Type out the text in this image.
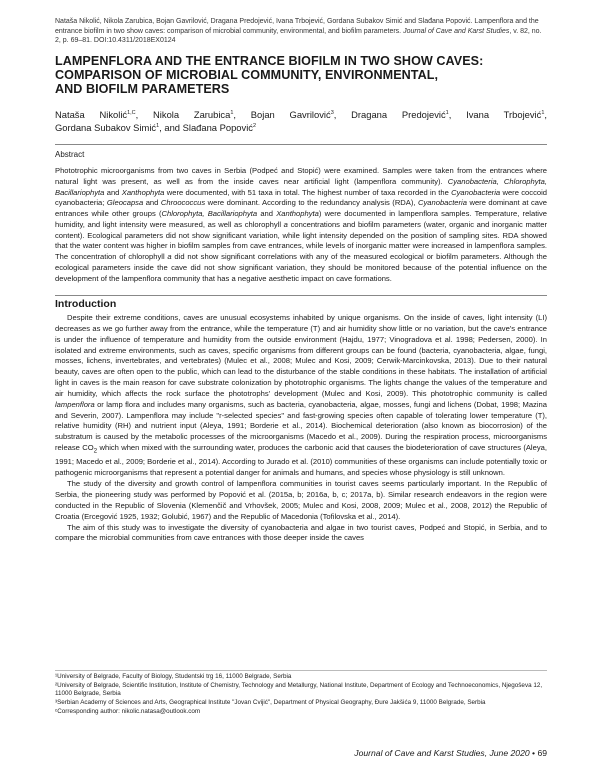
Nataša Nikolić, Nikola Zarubica, Bojan Gavrilović, Dragana Predojević, Ivana Trbojević, Gordana Subakov Simić and Slađana Popović. Lampenflora and the entrance biofilm in two show caves: comparison of microbial community, environmental, and biofilm parameters. Journal of Cave and Karst Studies, v. 82, no. 2, p. 69–81. DOI:10.4311/2018EX0124
LAMPENFLORA AND THE ENTRANCE BIOFILM IN TWO SHOW CAVES:
COMPARISON OF MICROBIAL COMMUNITY, ENVIRONMENTAL,
AND BIOFILM PARAMETERS
Nataša Nikolić$^{1,C}$, Nikola Zarubica$^1$, Bojan Gavrilović$^3$, Dragana Predojević$^1$, Ivana Trbojević$^1$,
Gordana Subakov Simić$^1$, and Slađana Popović$^2$
Abstract
Phototrophic microorganisms from two caves in Serbia (Podpeć and Stopić) were examined. Samples were taken from the entrances where natural light was present, as well as from the inside caves near artificial light (lampenflora community). Cyanobacteria, Chlorophyta, Bacillariophyta and Xanthophyta were documented, with 51 taxa in total. The highest number of taxa recorded in the Cyanobacteria were coccoid cyanobacteria; Gleocapsa and Chroococcus were dominant. According to the redundancy analysis (RDA), Cyanobacteria were dominant at cave entrances while other groups (Chlorophyta, Bacillariophyta and Xanthophyta) were documented in lampenflora samples. Temperature, relative humidity, and light intensity were measured, as well as chlorophyll a concentrations and biofilm parameters (water, organic and inorganic matter content). Ecological parameters did not show significant variation, while light intensity depended on the position of sampling sites. RDA showed that the water content was higher in biofilm samples from cave entrances, while levels of inorganic matter were increased in lampenflora samples. The concentration of chlorophyll a did not show significant correlations with any of the measured ecological or biofilm parameters. Although the ecological parameters inside the cave did not show significant variation, they should be monitored because of the potential influence on the development of the lampenflora community that has a negative aesthetic impact on cave formations.
Introduction

Despite their extreme conditions, caves are unusual ecosystems inhabited by unique organisms. On the inside of caves, light intensity (LI) decreases as we go further away from the entrance, while the temperature (T) and air humidity show little or no variation, but the cave's entrance is under the influence of temperature and humidity from the outside environment (Hajdu, 1977; Vinogradova et al. 1998; Pedersen, 2000). In isolated and extreme environments, such as caves, specific organisms from different groups can be found (bacteria, cyanobacteria, algae, fungi, mosses, lichens, invertebrates, and vertebrates) (Mulec et al., 2008; Mulec and Kosi, 2009; Cerwik-Marcinkovska, 2013). Due to their natural beauty, caves are often open to the public, which can lead to the disturbance of the stable conditions in these habitats. The installation of artificial light in caves is the main reason for cave substrate colonization by phototrophic organisms. The lights change the values of the temperature and air humidity, which affects the rock surface the phototrophs' development (Mulec and Kosi, 2009). This phototrophic community is called lampenflora or lamp flora and includes many organisms, such as bacteria, cyanobacteria, algae, mosses, fungi and lichens (Dobat, 1998; Mazina and Severin, 2007). Lampenflora may include "r-selected species" and fast-growing species often capable of tolerating lower temperature (T), relative humidity (RH) and nutrient input (Aleya, 1991; Borderie et al., 2014). Biochemical deterioration (also known as biocorrosion) of the substratum is caused by the metabolic processes of the microorganisms (Macedo et al., 2009). During the respiration process, microorganisms release $CO_2$ which when mixed with the surrounding water, produces the carbonic acid that causes the biodeterioration of cave structures (Aleya, 1991; Macedo et al., 2009; Borderie et al., 2014). According to Jurado et al. (2010) communities of these organisms can include potentially toxic or pathogenic microorganisms that represent a potential danger for animals and humans, and species whose physiology is still unknown.

The study of the diversity and growth control of lampenflora communities in tourist caves seems particularly important. In the Republic of Serbia, the pioneering study was performed by Popović et al. (2015a, b; 2016a, b, c; 2017a, b). Similar research endeavors in the region were conducted in the Republic of Slovenia (Klemenčič and Vrhovšek, 2005; Mulec and Kosi, 2008, 2009; Mulec et al., 2008, 2012) the Republic of Croatia (Ercegović 1925, 1932; Golubić, 1967) and the Republic of Macedonia (Tofilovska et al., 2014).

The aim of this study was to investigate the diversity of cyanobacteria and algae in two tourist caves, Podpeć and Stopić, in Serbia, and to compare the microbial communities from cave entrances with those deeper inside the caves

¹University of Belgrade, Faculty of Biology, Studentski trg 16, 11000 Belgrade, Serbia
²University of Belgrade, Scientific Institution, Institute of Chemistry, Technology and Metallurgy, National Institute, Department of Ecology and Technoeconomics, Njegoševa 12, 11000 Belgrade, Serbia
³Serbian Academy of Sciences and Arts, Geographical Institute "Jovan Cvijić", Department of Physical Geography, Đure Jakšića 9, 11000 Belgrade, Serbia
ᶜCorresponding author: nikolic.natasa@outlook.com
Journal of Cave and Karst Studies, June 2020 • 69
